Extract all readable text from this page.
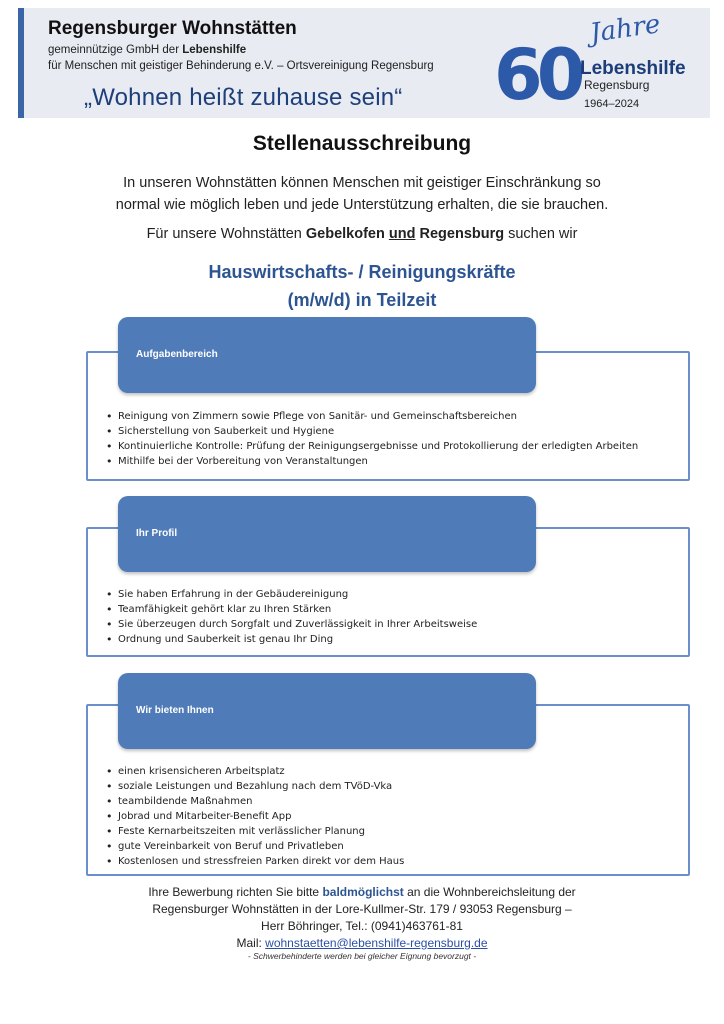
Regensburger Wohnstätten
gemeinnützige GmbH der Lebenshilfe
für Menschen mit geistiger Behinderung e.V. – Ortsvereinigung Regensburg
„Wohnen heißt zuhause sein“
Jahre
60 Lebenshilfe
Regensburg
1964–2024
Stellenausschreibung
In unseren Wohnstätten können Menschen mit geistiger Einschränkung so
normal wie möglich leben und jede Unterstützung erhalten, die sie brauchen.
Für unsere Wohnstätten Gebelkofen und Regensburg suchen wir
Hauswirtschafts- / Reinigungskräfte
(m/w/d) in Teilzeit
Aufgabenbereich
• Reinigung von Zimmern sowie Pflege von Sanitär- und Gemeinschaftsbereichen
• Sicherstellung von Sauberkeit und Hygiene
• Kontinuierliche Kontrolle: Prüfung der Reinigungsergebnisse und Protokollierung der erledigten Arbeiten
• Mithilfe bei der Vorbereitung von Veranstaltungen
Ihr Profil
• Sie haben Erfahrung in der Gebäudereinigung
• Teamfähigkeit gehört klar zu Ihren Stärken
• Sie überzeugen durch Sorgfalt und Zuverlässigkeit in Ihrer Arbeitsweise
• Ordnung und Sauberkeit ist genau Ihr Ding
Wir bieten Ihnen
• einen krisensicheren Arbeitsplatz
• soziale Leistungen und Bezahlung nach dem TVöD-Vka
• teambildende Maßnahmen
• Jobrad und Mitarbeiter-Benefit App
• Feste Kernarbeitszeiten mit verlässlicher Planung
• gute Vereinbarkeit von Beruf und Privatleben
• Kostenlosen und stressfreien Parken direkt vor dem Haus
Ihre Bewerbung richten Sie bitte baldmöglichst an die Wohnbereichsleitung der
Regensburger Wohnstätten in der Lore-Kullmer-Str. 179 / 93053 Regensburg –
Herr Böhringer, Tel.: (0941)463761-81
Mail: wohnstaetten@lebenshilfe-regensburg.de
- Schwerbehinderte werden bei gleicher Eignung bevorzugt -
